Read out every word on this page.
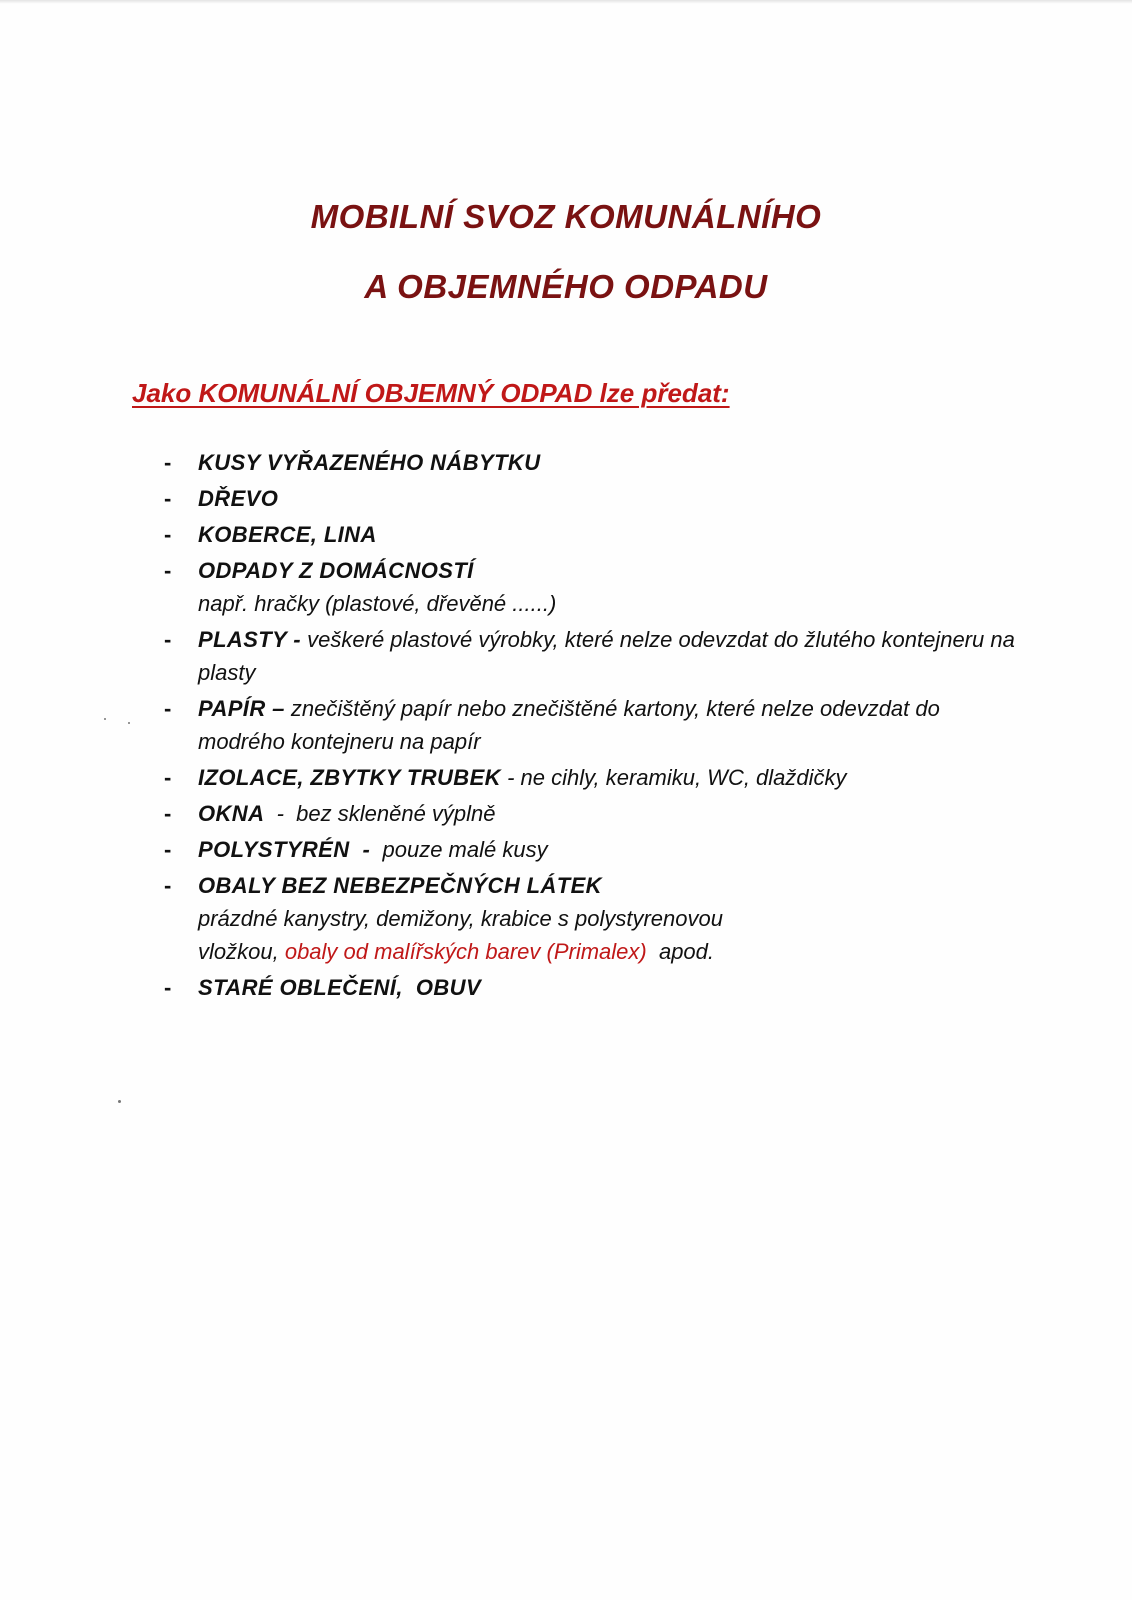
MOBILNÍ SVOZ KOMUNÁLNÍHO
A OBJEMNÉHO ODPADU
Jako KOMUNÁLNÍ OBJEMNÝ ODPAD lze předat:
- KUSY VYŘAZENÉHO NÁBYTKU
- DŘEVO
- KOBERCE, LINA
- ODPADY Z DOMÁCNOSTÍ
např. hračky (plastové, dřevěné ......)
- PLASTY - veškeré plastové výrobky, které nelze odevzdat do žlutého kontejneru na plasty
- PAPÍR – znečištěný papír nebo znečištěné kartony, které nelze odevzdat do modrého kontejneru na papír
- IZOLACE, ZBYTKY TRUBEK - ne cihly, keramiku, WC, dlaždičky
- OKNA  -  bez skleněné výplně
- POLYSTYRÉN  -  pouze malé kusy
- OBALY BEZ NEBEZPEČNÝCH LÁTEK
prázdné kanystry, demižony, krabice s polystyrenovou
vložkou, obaly od malířských barev (Primalex)  apod.
- STARÉ OBLEČENÍ,  OBUV
